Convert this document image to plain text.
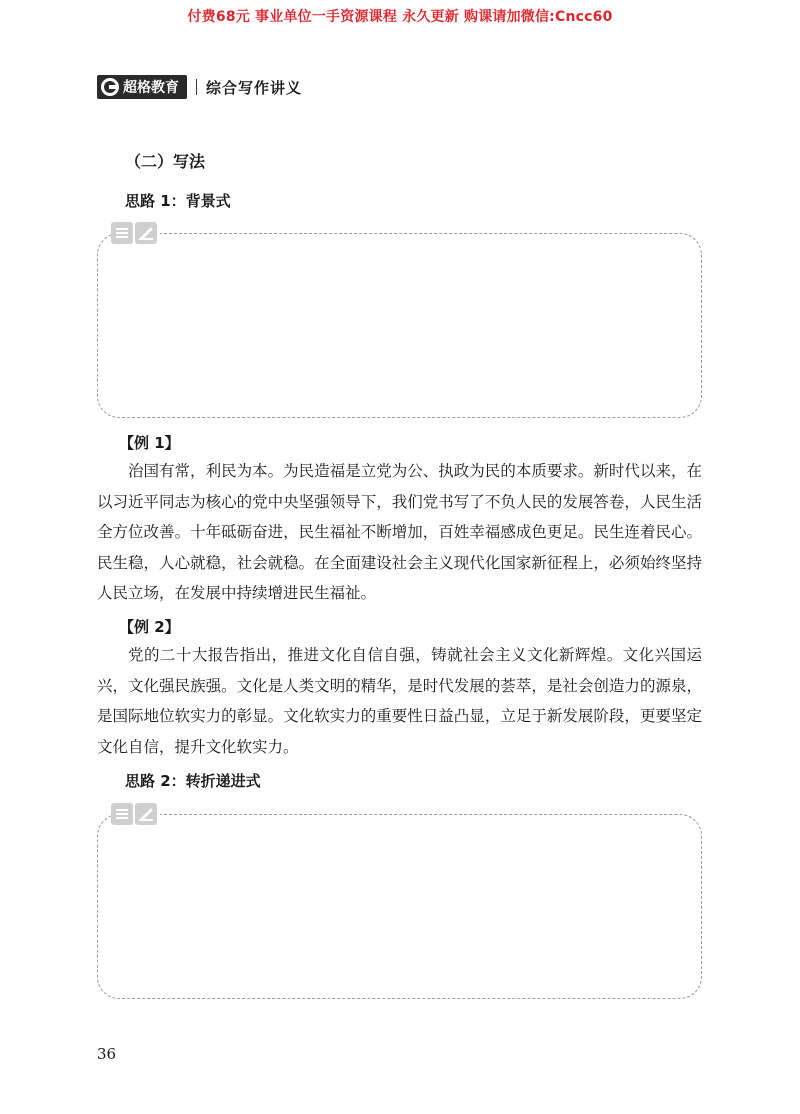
付费68元 事业单位一手资源课程 永久更新 购课请加微信:Cncc60
超格教育 综合写作讲义
（二）写法
思路 1：背景式
【例 1】

治国有常，利民为本。为民造福是立党为公、执政为民的本质要求。新时代以来，在以习近平同志为核心的党中央坚强领导下，我们党书写了不负人民的发展答卷，人民生活全方位改善。十年砥砺奋进，民生福祉不断增加，百姓幸福感成色更足。民生连着民心。民生稳，人心就稳，社会就稳。在全面建设社会主义现代化国家新征程上，必须始终坚持人民立场，在发展中持续增进民生福祉。

【例 2】

党的二十大报告指出，推进文化自信自强，铸就社会主义文化新辉煌。文化兴国运兴，文化强民族强。文化是人类文明的精华，是时代发展的荟萃，是社会创造力的源泉，是国际地位软实力的彰显。文化软实力的重要性日益凸显，立足于新发展阶段，更要坚定文化自信，提升文化软实力。

思路 2：转折递进式
36
